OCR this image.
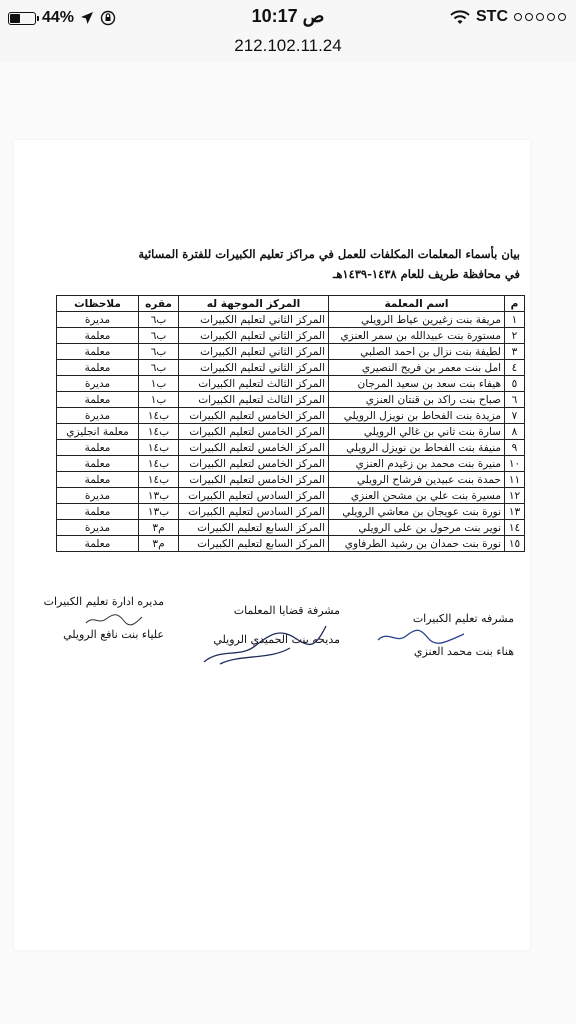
44%	10:17 ص	STC
212.102.11.24
بيان بأسماء المعلمات المكلفات للعمل في مراكز تعليم الكبيرات للفترة المسائية
في محافظة طريف للعام ١٤٣٨-١٤٣٩هـ
م	اسم المعلمة	المركز الموجهة له	مقره	ملاحظات
١	مريفة بنت زغيرين عياط الرويلي	المركز الثاني لتعليم الكبيرات	ب٦	مديرة
٢	مستورة بنت عبيدالله بن سمر العنزي	المركز الثاني لتعليم الكبيرات	ب٦	معلمة
٣	لطيفة بنت نزال بن احمد الصلبي	المركز الثاني لتعليم الكبيرات	ب٦	معلمة
٤	امل بنت معمر بن فريح النصيري	المركز الثاني لتعليم الكبيرات	ب٦	معلمة
٥	هيفاء بنت سعد بن سعيد المرجان	المركز الثالث لتعليم الكبيرات	ب١	مديرة
٦	صباح بنت راكد بن قنتان العنزي	المركز الثالث لتعليم الكبيرات	ب١	معلمة
٧	مزيدة بنت الفحاط بن نويزل الرويلي	المركز الخامس لتعليم الكبيرات	ب١٤	مديرة
٨	سارة بنت ثاني بن غالي الرويلي	المركز الخامس لتعليم الكبيرات	ب١٤	معلمة انجليزي
٩	منيفة بنت الفحاط بن نويزل الرويلي	المركز الخامس لتعليم الكبيرات	ب١٤	معلمة
١٠	منيرة بنت محمد بن زغيدم العنزي	المركز الخامس لتعليم الكبيرات	ب١٤	معلمة
١١	حمدة بنت عبيدين فرشاح الرويلي	المركز الخامس لتعليم الكبيرات	ب١٤	معلمة
١٢	مسيرة بنت علي بن مشحن العنزي	المركز السادس لتعليم الكبيرات	ب١٣	مديرة
١٣	نورة بنت عويجان بن معاشي الرويلي	المركز السادس لتعليم الكبيرات	ب١٣	معلمة
١٤	نوير بنت مرحول بن على الرويلي	المركز السابع لتعليم الكبيرات	م٣	مديرة
١٥	نورة بنت حمدان بن رشيد الطرفاوي	المركز السابع لتعليم الكبيرات	م٣	معلمة
مديره ادارة تعليم الكبيرات
علياء بنت نافع الرويلي
مشرفة قضايا المعلمات
مديحه بنت الحميدي الرويلي
مشرفه تعليم الكبيرات
هناء بنت محمد العنزي
